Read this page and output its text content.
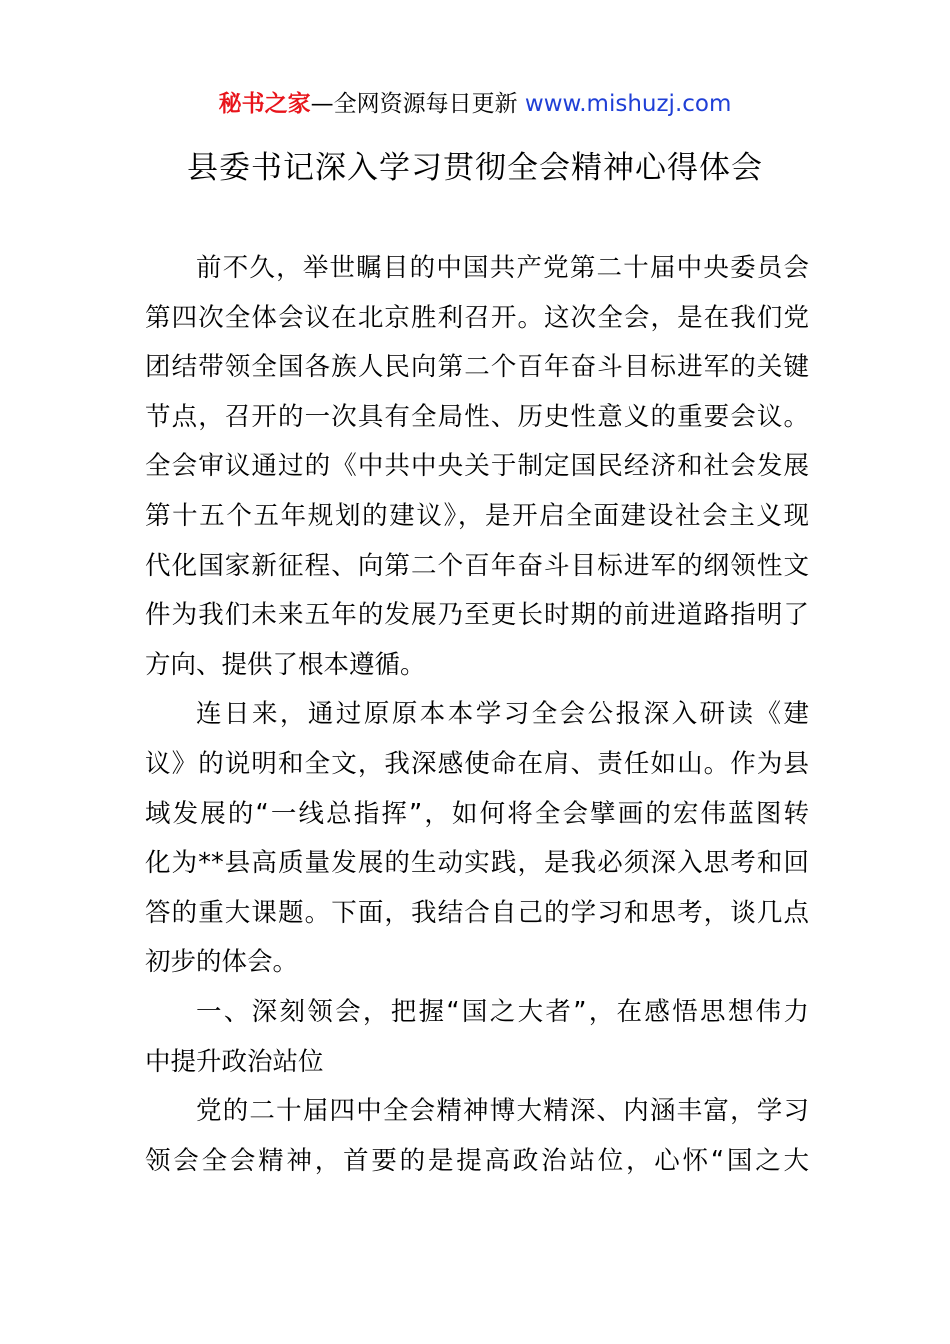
秘书之家—全网资源每日更新 www.mishuzj.com
县委书记深入学习贯彻全会精神心得体会
前不久，举世瞩目的中国共产党第二十届中央委员会
第四次全体会议在北京胜利召开。这次全会，是在我们党
团结带领全国各族人民向第二个百年奋斗目标进军的关键
节点，召开的一次具有全局性、历史性意义的重要会议。
全会审议通过的《中共中央关于制定国民经济和社会发展
第十五个五年规划的建议》，是开启全面建设社会主义现
代化国家新征程、向第二个百年奋斗目标进军的纲领性文
件为我们未来五年的发展乃至更长时期的前进道路指明了
方向、提供了根本遵循。
连日来，通过原原本本学习全会公报深入研读《建
议》的说明和全文，我深感使命在肩、责任如山。作为县
域发展的“一线总指挥”，如何将全会擘画的宏伟蓝图转
化为**县高质量发展的生动实践，是我必须深入思考和回
答的重大课题。下面，我结合自己的学习和思考，谈几点
初步的体会。
一、深刻领会，把握“国之大者”，在感悟思想伟力
中提升政治站位
党的二十届四中全会精神博大精深、内涵丰富，学习
领会全会精神，首要的是提高政治站位，心怀“国之大
